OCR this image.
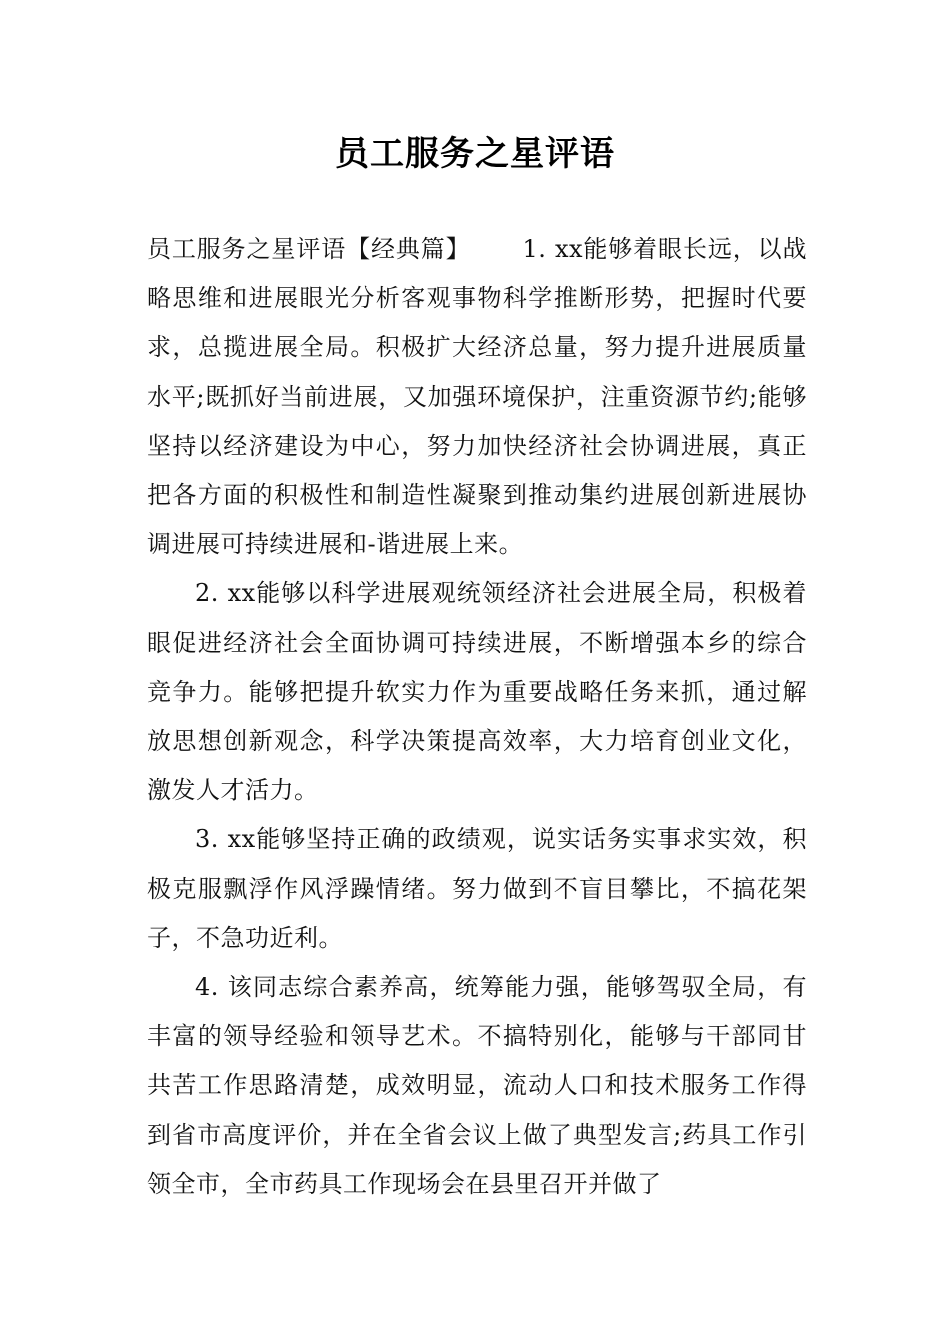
员工服务之星评语

员工服务之星评语【经典篇】 1. xx能够着眼长远，以战略思维和进展眼光分析客观事物科学推断形势，把握时代要求，总揽进展全局。积极扩大经济总量，努力提升进展质量水平;既抓好当前进展，又加强环境保护，注重资源节约;能够坚持以经济建设为中心，努力加快经济社会协调进展，真正把各方面的积极性和制造性凝聚到推动集约进展创新进展协调进展可持续进展和-谐进展上来。

2. xx能够以科学进展观统领经济社会进展全局，积极着眼促进经济社会全面协调可持续进展，不断增强本乡的综合竞争力。能够把提升软实力作为重要战略任务来抓，通过解放思想创新观念，科学决策提高效率，大力培育创业文化，激发人才活力。

3. xx能够坚持正确的政绩观，说实话务实事求实效，积极克服飘浮作风浮躁情绪。努力做到不盲目攀比，不搞花架子，不急功近利。

4. 该同志综合素养高，统筹能力强，能够驾驭全局，有丰富的领导经验和领导艺术。不搞特别化，能够与干部同甘共苦工作思路清楚，成效明显，流动人口和技术服务工作得到省市高度评价，并在全省会议上做了典型发言;药具工作引领全市，全市药具工作现场会在县里召开并做了
